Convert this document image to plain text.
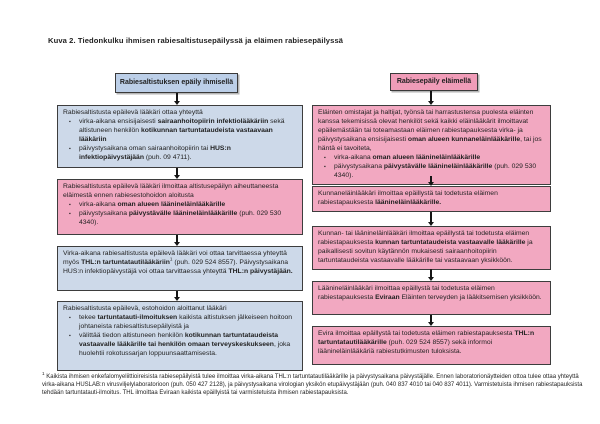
Kuva 2. Tiedonkulku ihmisen rabiesaltistusepäilyssä ja eläimen rabiesepäilyssä
Rabiesaltistuksen epäily ihmisellä	Rabiesepäily eläimellä
Rabiesaltistusta epäilevä lääkäri ottaa yhteyttä
▪	virka-aikana ensisijaisesti sairaanhoitopiirin infektiolääkäriin sekä altistuneen henkilön kotikunnan tartuntataudeista vastaavaan lääkäriin
▪	päivystysaikana oman sairaanhoitopiirin tai HUS:n infektiopäivystäjään (puh. 09 4711).
Rabiesaltistusta epäilevä lääkäri ilmoittaa altistusepäilyn aiheuttaneesta eläimestä ennen rabiesestohoidon aloitusta
▪	virka-aikana oman alueen läänineläinlääkärille
▪	päivystysaikana päivystävälle läänineläinlääkärille (puh. 029 530 4340).
Virka-aikana rabiesaltistusta epäilevä lääkäri voi ottaa tarvittaessa yhteyttä myös THL:n tartuntatautilääkäriin$^1$ (puh. 029 524 8557). Päivystysaikana HUS:n infektiopäivystäjä voi ottaa tarvittaessa yhteyttä THL:n päivystäjään.
Rabiesaltistusta epäilevä, estohoidon aloittanut lääkäri
▪	tekee tartuntatauti-ilmoituksen kaikista altistuksen jälkeiseen hoitoon johtaneista rabiesaltistusepäilyistä ja
▪	välittää tiedon altistuneen henkilön kotikunnan tartuntataudeista vastaavalle lääkärille tai henkilön omaan terveyskeskukseen, joka huolehtii rokotussarjan loppuunsaattamisesta.
Eläinten omistajat ja haltijat, työnsä tai harrastustensa puolesta eläinten kanssa tekemisissä olevat henkilöt sekä kaikki eläinlääkärit ilmoittavat epäilemästään tai toteamastaan eläimen rabiestapauksesta virka- ja päivystysaikana ensisijaisesti oman alueen kunnaneläinlääkärille, tai jos häntä ei tavoiteta,
▪	virka-aikana oman alueen läänineläinlääkärille
▪	päivystysaikana päivystävälle läänineläinlääkärille (puh. 029 530 4340).
Kunnaneläinlääkäri ilmoittaa epäillystä tai todetusta eläimen rabiestapauksesta läänineläinlääkärille.
Kunnan- tai läänineläinlääkäri ilmoittaa epäillystä tai todetusta eläimen rabiestapauksesta kunnan tartuntataudeista vastaavalle lääkärille ja paikallisesti sovitun käytännön mukaisesti sairaanhoitopiirin tartuntataudeista vastaavalle lääkärille tai vastaavaan yksikköön.
Läänineläinlääkäri ilmoittaa epäillystä tai todetusta eläimen rabiestapauksesta Eviraan Eläinten terveyden ja lääkitsemisen yksikköön.
Evira ilmoittaa epäillystä tai todetusta eläimen rabiestapauksesta THL:n tartuntatautilääkärille (puh. 029 524 8557) sekä informoi läänineläinlääkäriä rabiestutkimusten tuloksista.
$^1$ Kaikista ihmisen enkefalomyeliittioireisista rabiesepäilyistä tulee ilmoittaa virka-aikana THL:n tartuntatautilääkärille ja päivystysaikana päivystäjälle. Ennen laboratorionäytteiden ottoa tulee ottaa yhteyttä virka-aikana HUSLAB:n virusviljelylaboratorioon (puh. 050 427 2128), ja päivystysaikana virologian yksikön etupäivystäjään (puh. 040 837 4010 tai 040 837 4011). Varmistetuista ihmisen rabiestapauksista tehdään tartuntatauti-ilmoitus. THL ilmoittaa Eviraan kaikista epäillyistä tai varmistetuista ihmisen rabiestapauksista.
